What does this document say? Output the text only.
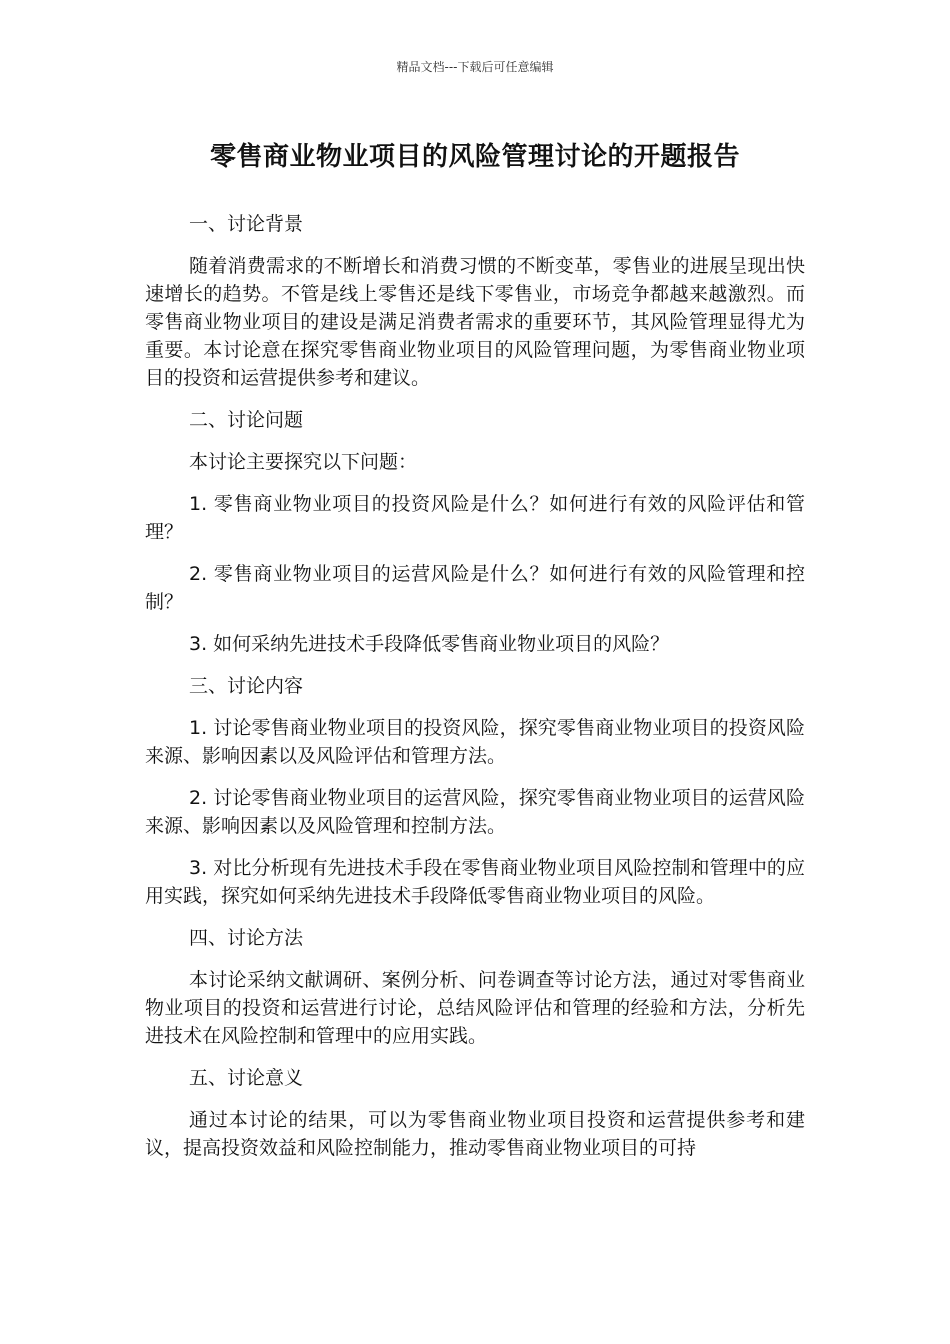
精品文档---下载后可任意编辑
零售商业物业项目的风险管理讨论的开题报告

一、讨论背景

随着消费需求的不断增长和消费习惯的不断变革，零售业的进展呈现出快速增长的趋势。不管是线上零售还是线下零售业，市场竞争都越来越激烈。而零售商业物业项目的建设是满足消费者需求的重要环节，其风险管理显得尤为重要。本讨论意在探究零售商业物业项目的风险管理问题，为零售商业物业项目的投资和运营提供参考和建议。

二、讨论问题

本讨论主要探究以下问题：

1. 零售商业物业项目的投资风险是什么？如何进行有效的风险评估和管理？

2. 零售商业物业项目的运营风险是什么？如何进行有效的风险管理和控制？

3. 如何采纳先进技术手段降低零售商业物业项目的风险？

三、讨论内容

1. 讨论零售商业物业项目的投资风险，探究零售商业物业项目的投资风险来源、影响因素以及风险评估和管理方法。

2. 讨论零售商业物业项目的运营风险，探究零售商业物业项目的运营风险来源、影响因素以及风险管理和控制方法。

3. 对比分析现有先进技术手段在零售商业物业项目风险控制和管理中的应用实践，探究如何采纳先进技术手段降低零售商业物业项目的风险。

四、讨论方法

本讨论采纳文献调研、案例分析、问卷调查等讨论方法，通过对零售商业物业项目的投资和运营进行讨论，总结风险评估和管理的经验和方法，分析先进技术在风险控制和管理中的应用实践。

五、讨论意义

通过本讨论的结果，可以为零售商业物业项目投资和运营提供参考和建议，提高投资效益和风险控制能力，推动零售商业物业项目的可持
